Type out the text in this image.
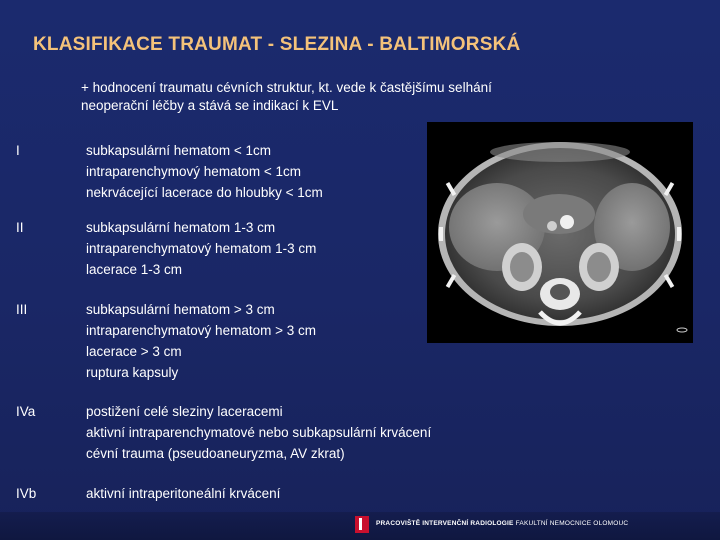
KLASIFIKACE TRAUMAT - SLEZINA - BALTIMORSKÁ
+ hodnocení traumatu cévních struktur, kt. vede k častějšímu selhání
neoperační léčby a stává se indikací k EVL
I	subkapsulární hematom < 1cm
intraparenchymový hematom < 1cm
nekrvácející lacerace do hloubky < 1cm
II	subkapsulární hematom 1-3 cm
intraparenchymatový hematom 1-3 cm
lacerace 1-3 cm
III	subkapsulární hematom > 3 cm
intraparenchymatový hematom > 3 cm
lacerace > 3 cm
ruptura kapsuly
IVa	postižení celé sleziny laceracemi
aktivní intraparenchymatové nebo subkapsulární krvácení
cévní trauma (pseudoaneuryzma, AV zkrat)
IVb	aktivní intraperitoneální krvácení
PRACOVIŠTĚ INTERVENČNÍ RADIOLOGIE FAKULTNÍ NEMOCNICE OLOMOUC
